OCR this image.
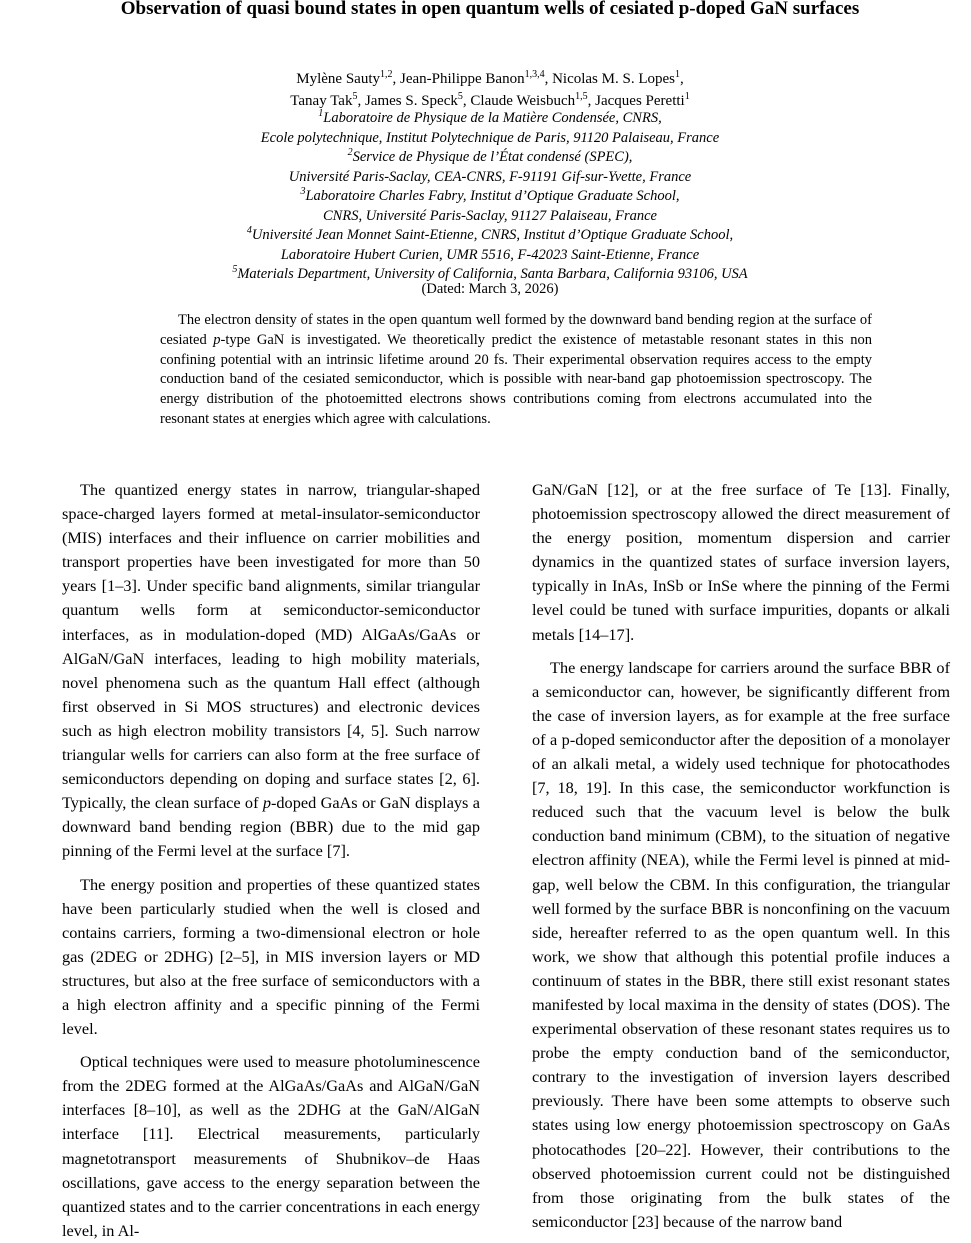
Observation of quasi bound states in open quantum wells of cesiated p-doped GaN surfaces
Mylène Sauty$^{1,2}$, Jean-Philippe Banon$^{1,3,4}$, Nicolas M. S. Lopes$^1$,
Tanay Tak$^5$, James S. Speck$^5$, Claude Weisbuch$^{1,5}$, Jacques Peretti$^1$
$^1$Laboratoire de Physique de la Matière Condensée, CNRS,
Ecole polytechnique, Institut Polytechnique de Paris, 91120 Palaiseau, France
$^2$Service de Physique de l’État condensé (SPEC),
Université Paris-Saclay, CEA-CNRS, F-91191 Gif-sur-Yvette, France
$^3$Laboratoire Charles Fabry, Institut d’Optique Graduate School,
CNRS, Université Paris-Saclay, 91127 Palaiseau, France
$^4$Université Jean Monnet Saint-Etienne, CNRS, Institut d’Optique Graduate School,
Laboratoire Hubert Curien, UMR 5516, F-42023 Saint-Etienne, France
$^5$Materials Department, University of California, Santa Barbara, California 93106, USA
(Dated: March 3, 2026)
The electron density of states in the open quantum well formed by the downward band bending region at the surface of cesiated p-type GaN is investigated. We theoretically predict the existence of metastable resonant states in this non confining potential with an intrinsic lifetime around 20 fs. Their experimental observation requires access to the empty conduction band of the cesiated semiconductor, which is possible with near-band gap photoemission spectroscopy. The energy distribution of the photoemitted electrons shows contributions coming from electrons accumulated into the resonant states at energies which agree with calculations.

The quantized energy states in narrow, triangular-shaped space-charged layers formed at metal-insulator-semiconductor (MIS) interfaces and their influence on carrier mobilities and transport properties have been investigated for more than 50 years [1–3]. Under specific band alignments, similar triangular quantum wells form at semiconductor-semiconductor interfaces, as in modulation-doped (MD) AlGaAs/GaAs or AlGaN/GaN interfaces, leading to high mobility materials, novel phenomena such as the quantum Hall effect (although first observed in Si MOS structures) and electronic devices such as high electron mobility transistors [4, 5]. Such narrow triangular wells for carriers can also form at the free surface of semiconductors depending on doping and surface states [2, 6]. Typically, the clean surface of p-doped GaAs or GaN displays a downward band bending region (BBR) due to the mid gap pinning of the Fermi level at the surface [7].

The energy position and properties of these quantized states have been particularly studied when the well is closed and contains carriers, forming a two-dimensional electron or hole gas (2DEG or 2DHG) [2–5], in MIS inversion layers or MD structures, but also at the free surface of semiconductors with a a high electron affinity and a specific pinning of the Fermi level.

Optical techniques were used to measure photoluminescence from the 2DEG formed at the AlGaAs/GaAs and AlGaN/GaN interfaces [8–10], as well as the 2DHG at the GaN/AlGaN interface [11]. Electrical measurements, particularly magnetotransport measurements of Shubnikov–de Haas oscillations, gave access to the energy separation between the quantized states and to the carrier concentrations in each energy level, in Al-

GaN/GaN [12], or at the free surface of Te [13]. Finally, photoemission spectroscopy allowed the direct measurement of the energy position, momentum dispersion and carrier dynamics in the quantized states of surface inversion layers, typically in InAs, InSb or InSe where the pinning of the Fermi level could be tuned with surface impurities, dopants or alkali metals [14–17].

The energy landscape for carriers around the surface BBR of a semiconductor can, however, be significantly different from the case of inversion layers, as for example at the free surface of a p-doped semiconductor after the deposition of a monolayer of an alkali metal, a widely used technique for photocathodes [7, 18, 19]. In this case, the semiconductor workfunction is reduced such that the vacuum level is below the bulk conduction band minimum (CBM), to the situation of negative electron affinity (NEA), while the Fermi level is pinned at mid-gap, well below the CBM. In this configuration, the triangular well formed by the surface BBR is nonconfining on the vacuum side, hereafter referred to as the open quantum well. In this work, we show that although this potential profile induces a continuum of states in the BBR, there still exist resonant states manifested by local maxima in the density of states (DOS). The experimental observation of these resonant states requires us to probe the empty conduction band of the semiconductor, contrary to the investigation of inversion layers described previously. There have been some attempts to observe such states using low energy photoemission spectroscopy on GaAs photocathodes [20–22]. However, their contributions to the observed photoemission current could not be distinguished from those originating from the bulk states of the semiconductor [23] because of the narrow band
